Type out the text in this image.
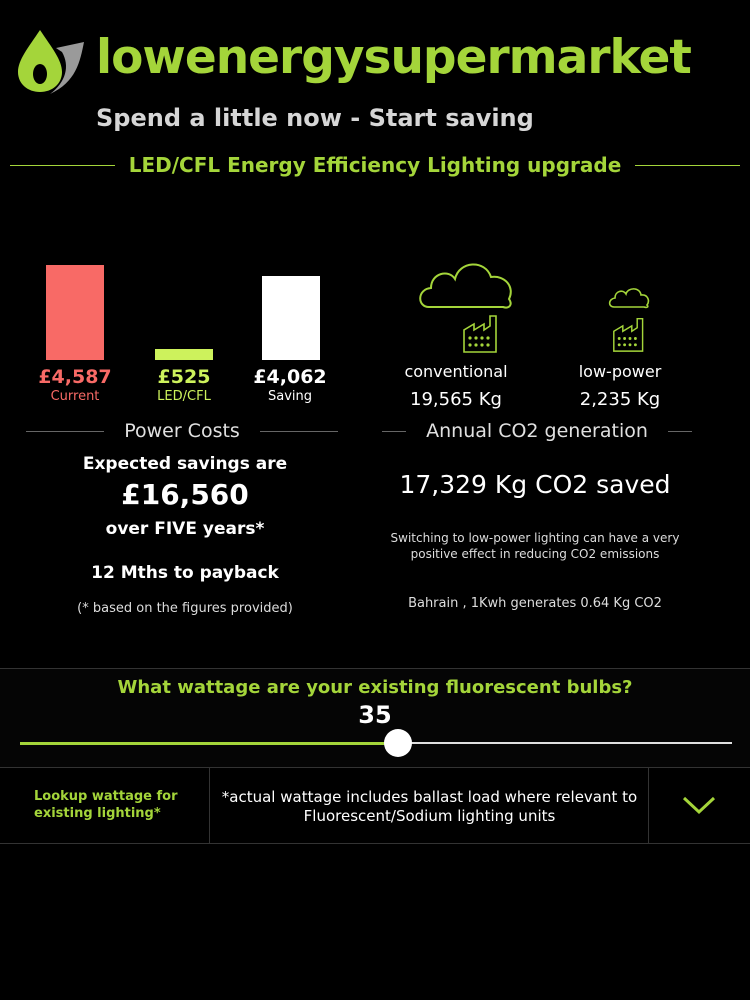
lowenergysupermarket
Spend a little now - Start saving
LED/CFL Energy Efficiency Lighting upgrade
£4,587
Current
£525
LED/CFL
£4,062
Saving
Power Costs
conventional
19,565 Kg
low-power
2,235 Kg
Annual CO2 generation
Expected savings are
£16,560
over FIVE years*
12 Mths to payback
(* based on the figures provided)
17,329 Kg CO2 saved
Switching to low-power lighting can have a very positive effect in reducing CO2 emissions
Bahrain , 1Kwh generates 0.64 Kg CO2
What wattage are your existing fluorescent bulbs?
35
Lookup wattage for existing lighting*
*actual wattage includes ballast load where relevant to Fluorescent/Sodium lighting units
